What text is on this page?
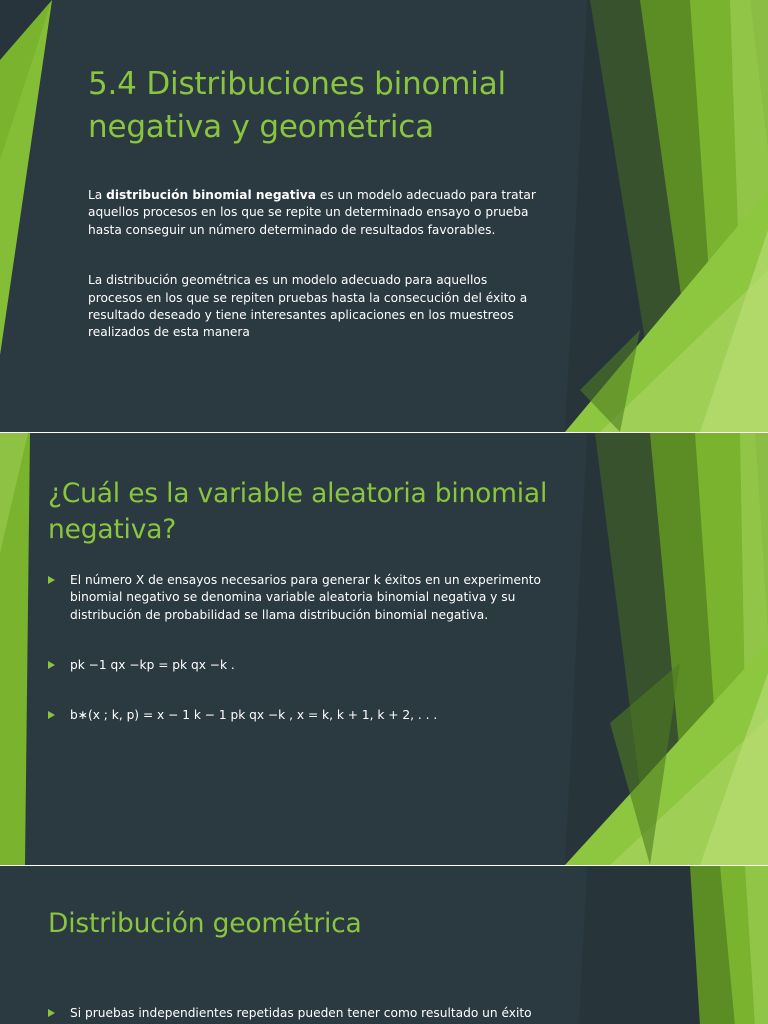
5.4 Distribuciones binomial
negativa y geométrica

La distribución binomial negativa es un modelo adecuado para tratar aquellos procesos en los que se repite un determinado ensayo o prueba hasta conseguir un número determinado de resultados favorables.

La distribución geométrica es un modelo adecuado para aquellos procesos en los que se repiten pruebas hasta la consecución del éxito a resultado deseado y tiene interesantes aplicaciones en los muestreos realizados de esta manera

¿Cuál es la variable aleatoria binomial
negativa?
El número X de ensayos necesarios para generar k éxitos en un experimento binomial negativo se denomina variable aleatoria binomial negativa y su distribución de probabilidad se llama distribución binomial negativa.
pk −1 qx −kp = pk qx −k .
b∗(x ; k, p) = x − 1 k − 1 pk qx −k , x = k, k + 1, k + 2, . . .
Distribución geométrica
Si pruebas independientes repetidas pueden tener como resultado un éxito
